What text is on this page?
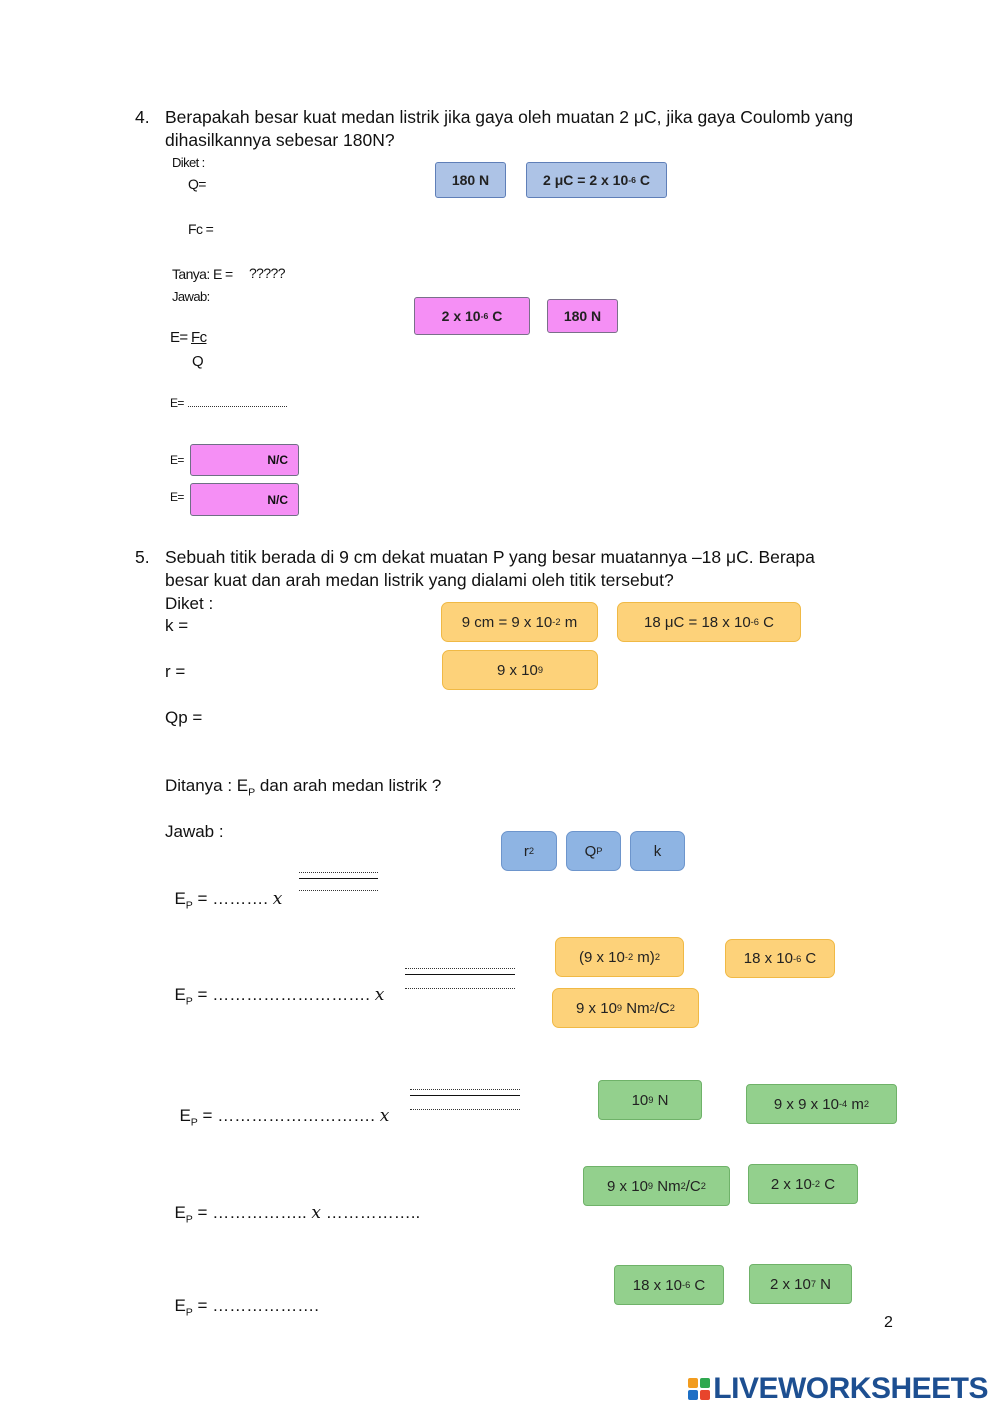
4. Berapakah besar kuat medan listrik jika gaya oleh muatan 2 μC, jika gaya Coulomb yang
dihasilkannya sebesar 180N?
Diket :
Q=
Fc =
Tanya: E = ?????
Jawab:
E= Fc
Q
E=
E=	N/C
E=	N/C
180 N	2 μC = 2 x 10 -6 C
2 x 10 -6 C	180 N
5. Sebuah titik berada di 9 cm dekat muatan P yang besar muatannya –18 μC. Berapa
besar kuat dan arah medan listrik yang dialami oleh titik tersebut?
Diket :
k =
r =
Qp =
Ditanya : $E_P$ dan arah medan listrik ?
Jawab :

$E_P$ = ………. x

$E_P$ = ………………………. x

$E_P$ = ………………………. x

$E_P$ = …………….. x ……………..

$E_P$ = ……………….

9 cm = 9 x 10 -2 m	18 μC = 18 x 10 -6 C
9 x 10 9
r 2	Q P	k
(9 x 10 -2 m) 2	18 x 10 -6 C
9 x 10 9 Nm 2 /C 2
10 9 N	9 x 9 x 10 -4 m 2
9 x 10 9 Nm 2 /C 2	2 x 10 -2 C
18 x 10 -6 C	2 x 10 7 N
2
LIVEWORKSHEETS
